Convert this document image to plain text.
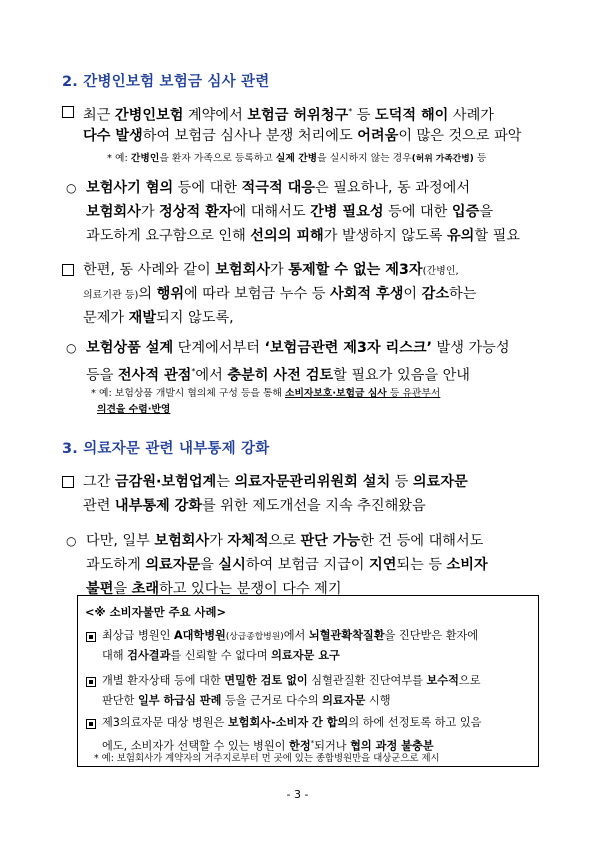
2. 간병인보험 보험금 심사 관련
최근 간병인보험 계약에서 보험금 허위청구* 등 도덕적 해이 사례가
다수 발생하여 보험금 심사나 분쟁 처리에도 어려움이 많은 것으로 파악
* 예: 간병인을 환자 가족으로 등록하고 실제 간병을 실시하지 않는 경우(허위 가족간병) 등
○ 보험사기 혐의 등에 대한 적극적 대응은 필요하나, 동 과정에서
보험회사가 정상적 환자에 대해서도 간병 필요성 등에 대한 입증을
과도하게 요구함으로 인해 선의의 피해가 발생하지 않도록 유의할 필요
한편, 동 사례와 같이 보험회사가 통제할 수 없는 제3자(간병인,
의료기관 등)의 행위에 따라 보험금 누수 등 사회적 후생이 감소하는
문제가 재발되지 않도록,
○ 보험상품 설계 단계에서부터 ‘보험금관련 제3자 리스크’ 발생 가능성
등을 전사적 관점*에서 충분히 사전 검토할 필요가 있음을 안내
* 예: 보험상품 개발시 협의체 구성 등을 통해 소비자보호·보험금 심사 등 유관부서
의견을 수렴·반영
3. 의료자문 관련 내부통제 강화
그간 금감원·보험업계는 의료자문관리위원회 설치 등 의료자문
관련 내부통제 강화를 위한 제도개선을 지속 추진해왔음
○ 다만, 일부 보험회사가 자체적으로 판단 가능한 건 등에 대해서도
과도하게 의료자문을 실시하여 보험금 지급이 지연되는 등 소비자
불편을 초래하고 있다는 분쟁이 다수 제기
<※ 소비자불만 주요 사례>
최상급 병원인 A대학병원(상급종합병원)에서 뇌혈관확착질환을 진단받은 환자에
대해 검사결과를 신뢰할 수 없다며 의료자문 요구
개별 환자상태 등에 대한 면밀한 검토 없이 심혈관질환 진단여부를 보수적으로
판단한 일부 하급심 판례 등을 근거로 다수의 의료자문 시행
제3의료자문 대상 병원은 보험회사-소비자 간 합의의 하에 선정토록 하고 있음
에도, 소비자가 선택할 수 있는 병원이 한정*되거나 협의 과정 불충분
* 예: 보험회사가 계약자의 거주지로부터 먼 곳에 있는 종합병원만을 대상군으로 제시
- 3 -
